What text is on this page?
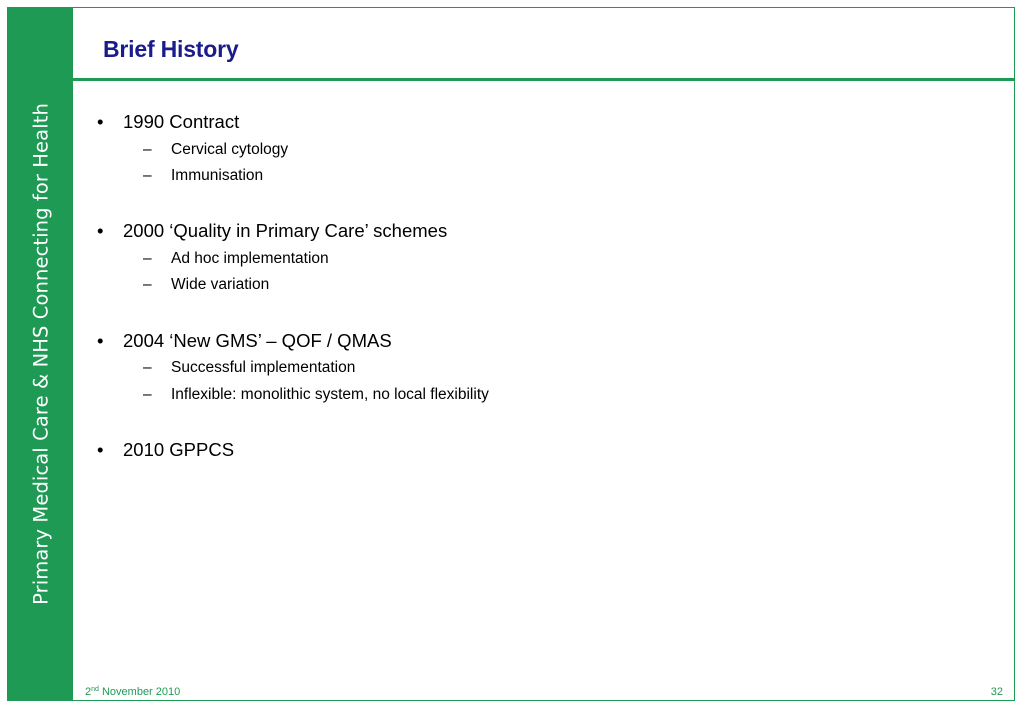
Primary Medical Care & NHS Connecting for Health
Brief History
• 1990 Contract
– Cervical cytology
– Immunisation
• 2000 ‘Quality in Primary Care’ schemes
– Ad hoc implementation
– Wide variation
• 2004 ‘New GMS’ – QOF / QMAS
– Successful implementation
– Inflexible: monolithic system, no local flexibility
• 2010 GPPCS
2nd November 2010	32
